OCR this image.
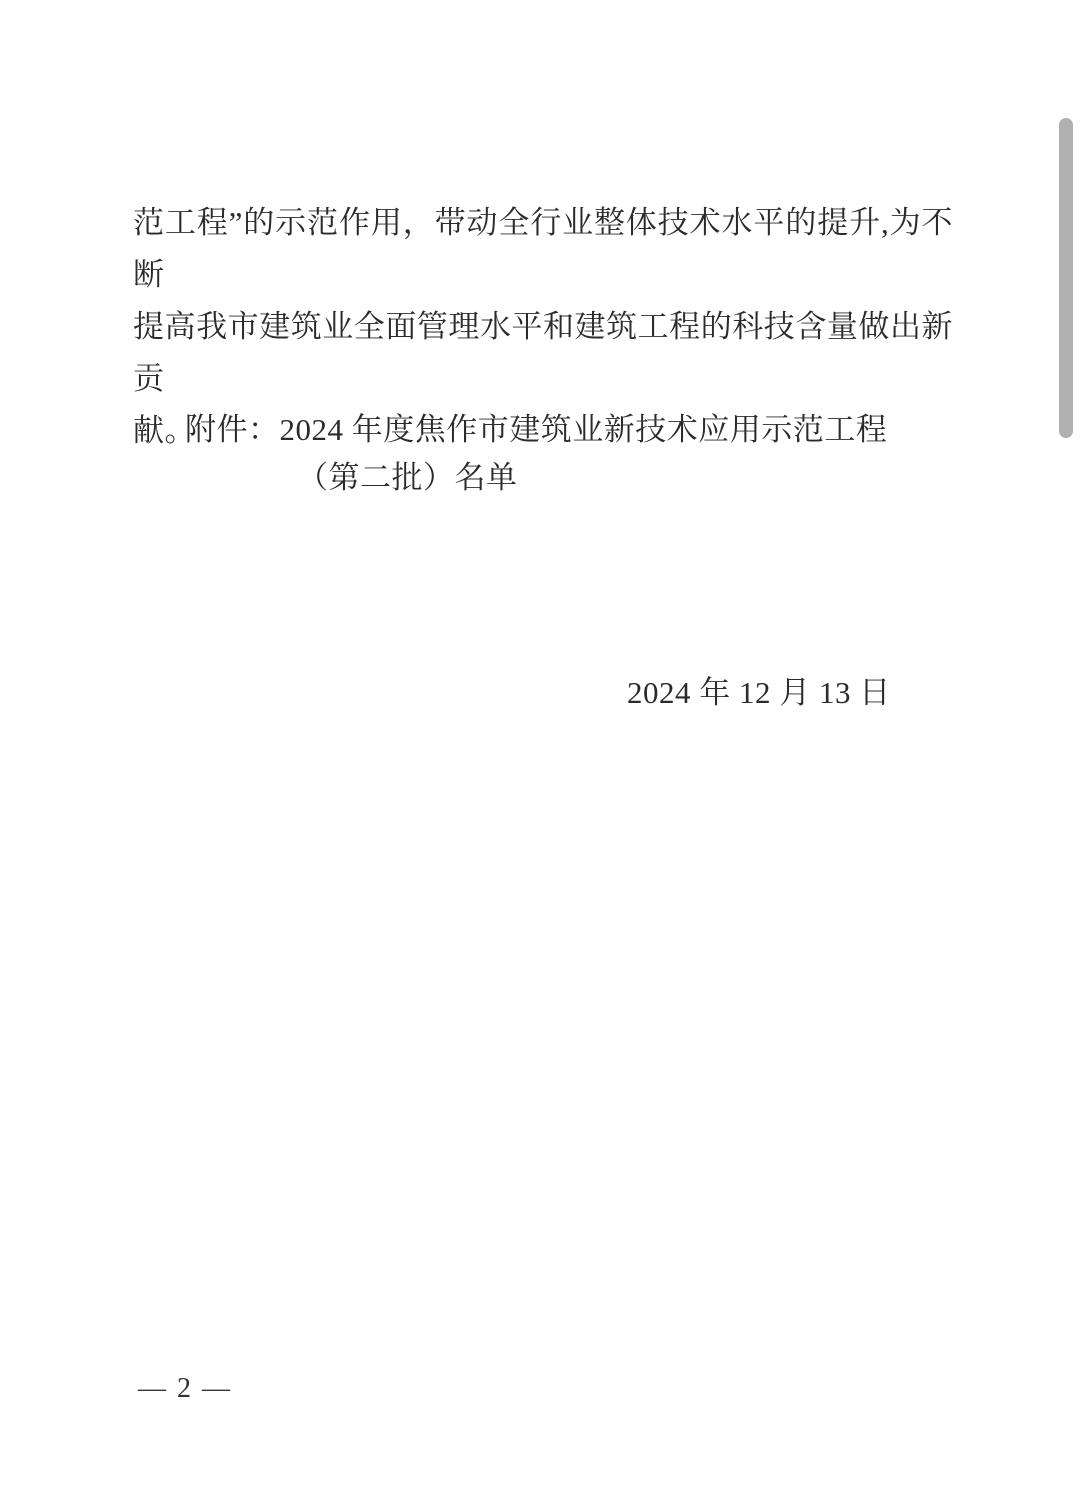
范工程”的示范作用，带动全行业整体技术水平的提升,为不断
提高我市建筑业全面管理水平和建筑工程的科技含量做出新贡
献。
附件：2024 年度焦作市建筑业新技术应用示范工程
（第二批）名单
2024 年 12 月 13 日
— 2 —
